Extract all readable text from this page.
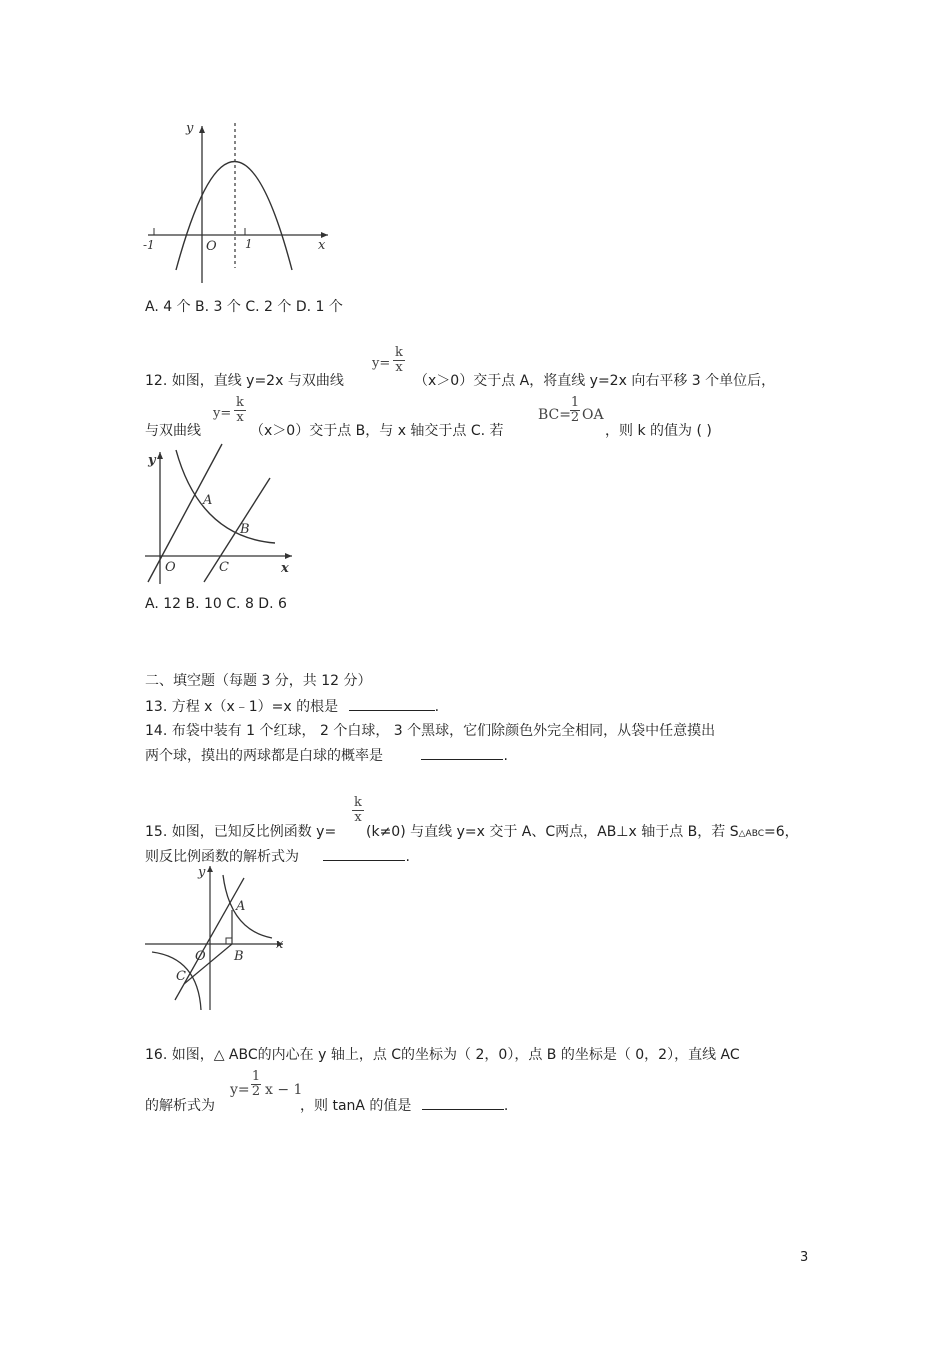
y
x
O
-1	1
A. 4 个 B. 3 个 C. 2 个 D. 1 个
12. 如图，直线 y=2x 与双曲线
y=
k
x
（x＞0）交于点 A，将直线 y=2x 向右平移 3 个单位后，
与双曲线
y=
k
x
（x＞0）交于点 B，与 x 轴交于点 C. 若
BC=
1
2 OA
，则 k 的值为 ( )
y
x
O
A
B
C
A. 12 B. 10 C. 8 D. 6
二、填空题（每题 3 分，共 12 分）
13. 方程 x（x﹣1）=x 的根是	.
14. 布袋中装有 1 个红球， 2 个白球， 3 个黑球，它们除颜色外完全相同，从袋中任意摸出
两个球，摸出的两球都是白球的概率是	.
15. 如图，已知反比例函数 y=
k
x
(k≠0) 与直线 y=x 交于 A、C两点，AB⊥x 轴于点 B，若 S△ABC=6，
则反比例函数的解析式为	.
y
x
O
A
B
C
16. 如图，△ ABC的内心在 y 轴上，点 C的坐标为（ 2，0），点 B 的坐标是（ 0，2），直线 AC
的解析式为
y=
1
2 x − 1
，则 tanA 的值是	.
3
